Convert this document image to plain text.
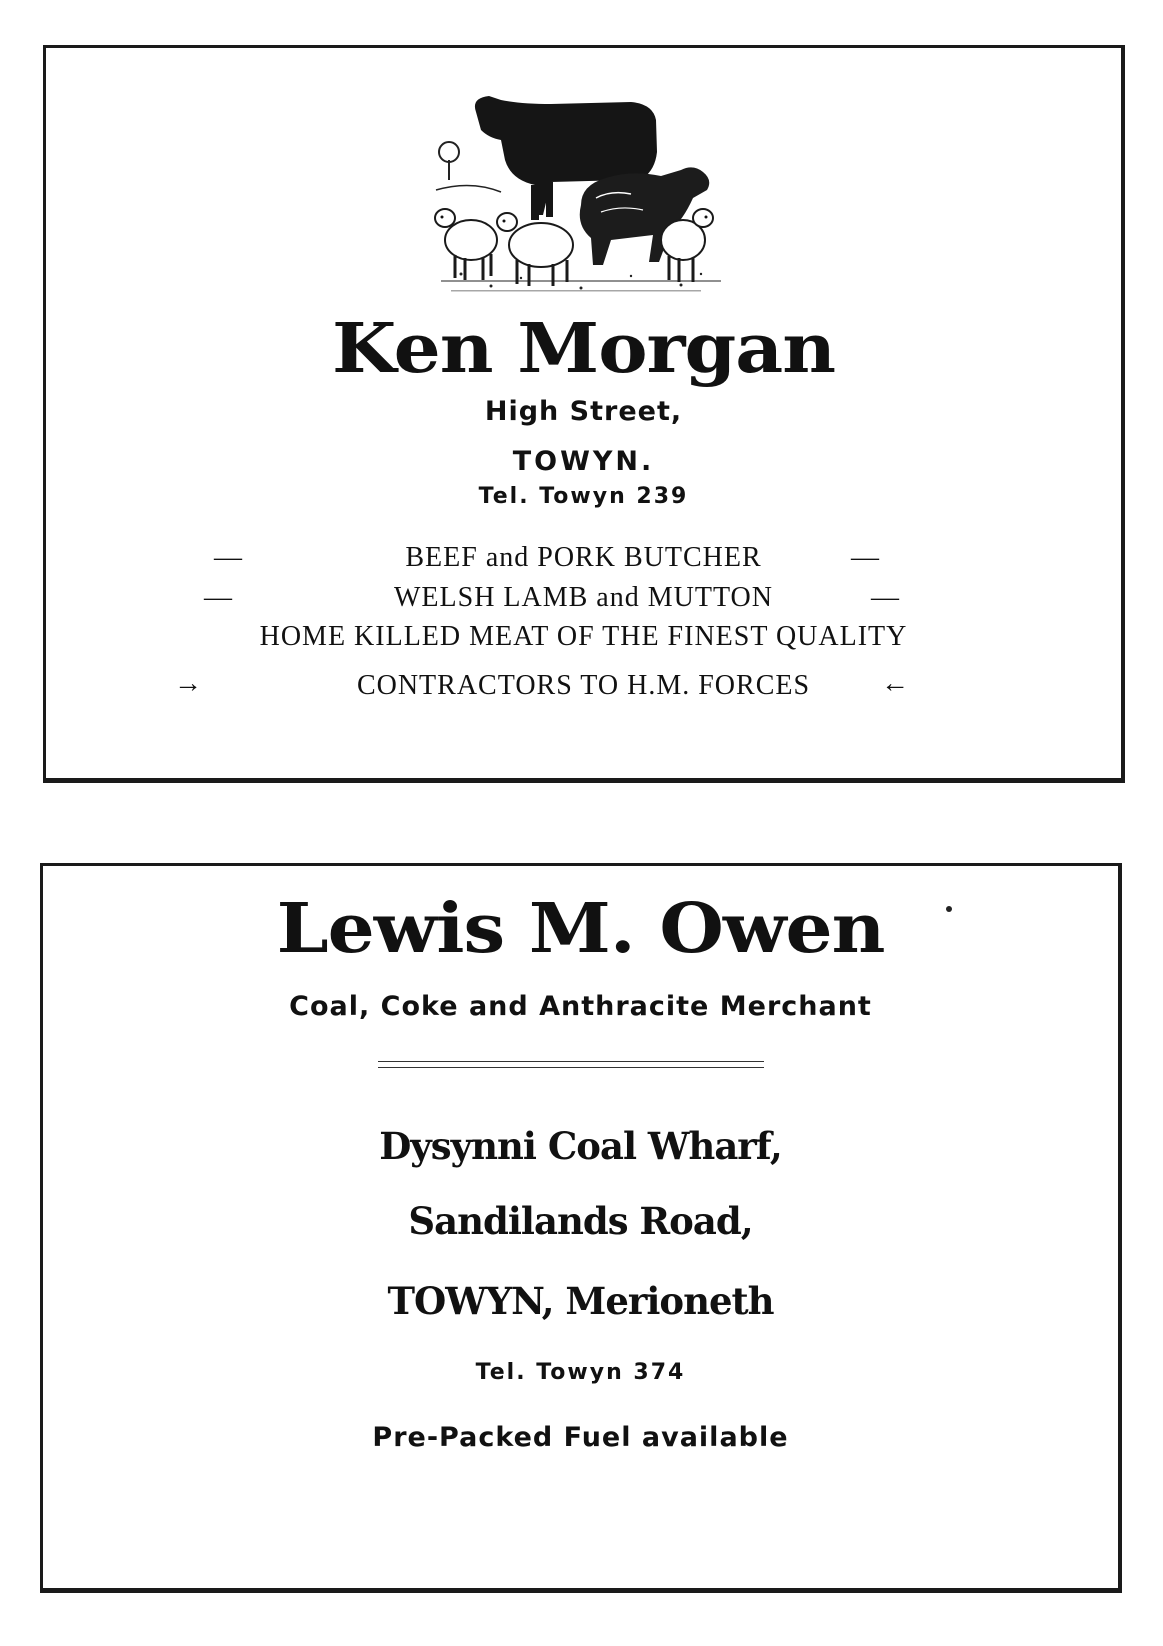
Ken Morgan
High Street,
TOWYN.
Tel. Towyn 239
BEEF and PORK BUTCHER
—	—
WELSH LAMB and MUTTON
—	—
HOME KILLED MEAT OF THE FINEST QUALITY
CONTRACTORS TO H.M. FORCES
→	←
Lewis M. Owen
Coal, Coke and Anthracite Merchant
Dysynni Coal Wharf,
Sandilands Road,
TOWYN, Merioneth
Tel. Towyn 374
Pre-Packed Fuel available
